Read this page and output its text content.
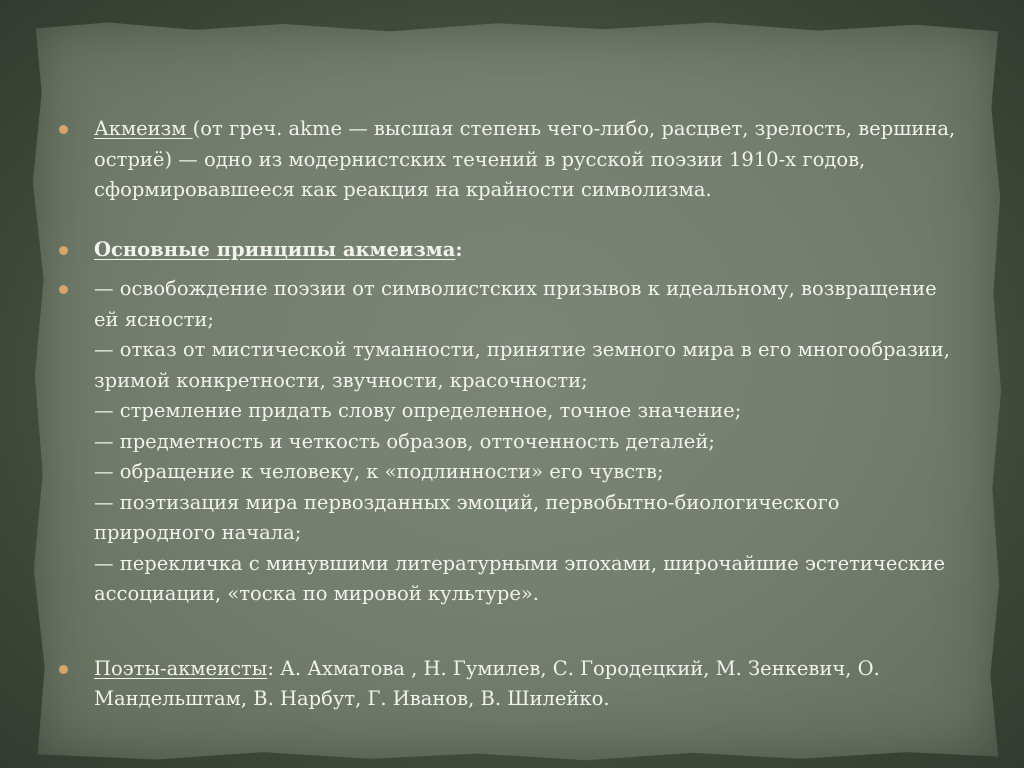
Акмеизм (от греч. akme — высшая степень чего-либо, расцвет, зрелость, вершина, остриё) — одно из модернистских течений в русской поэзии 1910-х годов, сформировавшееся как реакция на крайности символизма.

Основные принципы акмеизма:

— освобождение поэзии от символистских призывов к идеальному, возвращение ей ясности;
— отказ от мистической туманности, принятие земного мира в его многообразии, зримой конкретности, звучности, красочности;
— стремление придать слову определенное, точное значение;
— предметность и четкость образов, отточенность деталей;
— обращение к человеку, к «подлинности» его чувств;
— поэтизация мира первозданных эмоций, первобытно-биологического природного начала;
— перекличка с минувшими литературными эпохами, широчайшие эстетические ассоциации, «тоска по мировой культуре».

Поэты-акмеисты: А. Ахматова , Н. Гумилев, С. Городецкий, М. Зенкевич, О. Мандельштам, В. Нарбут, Г. Иванов, В. Шилейко.
